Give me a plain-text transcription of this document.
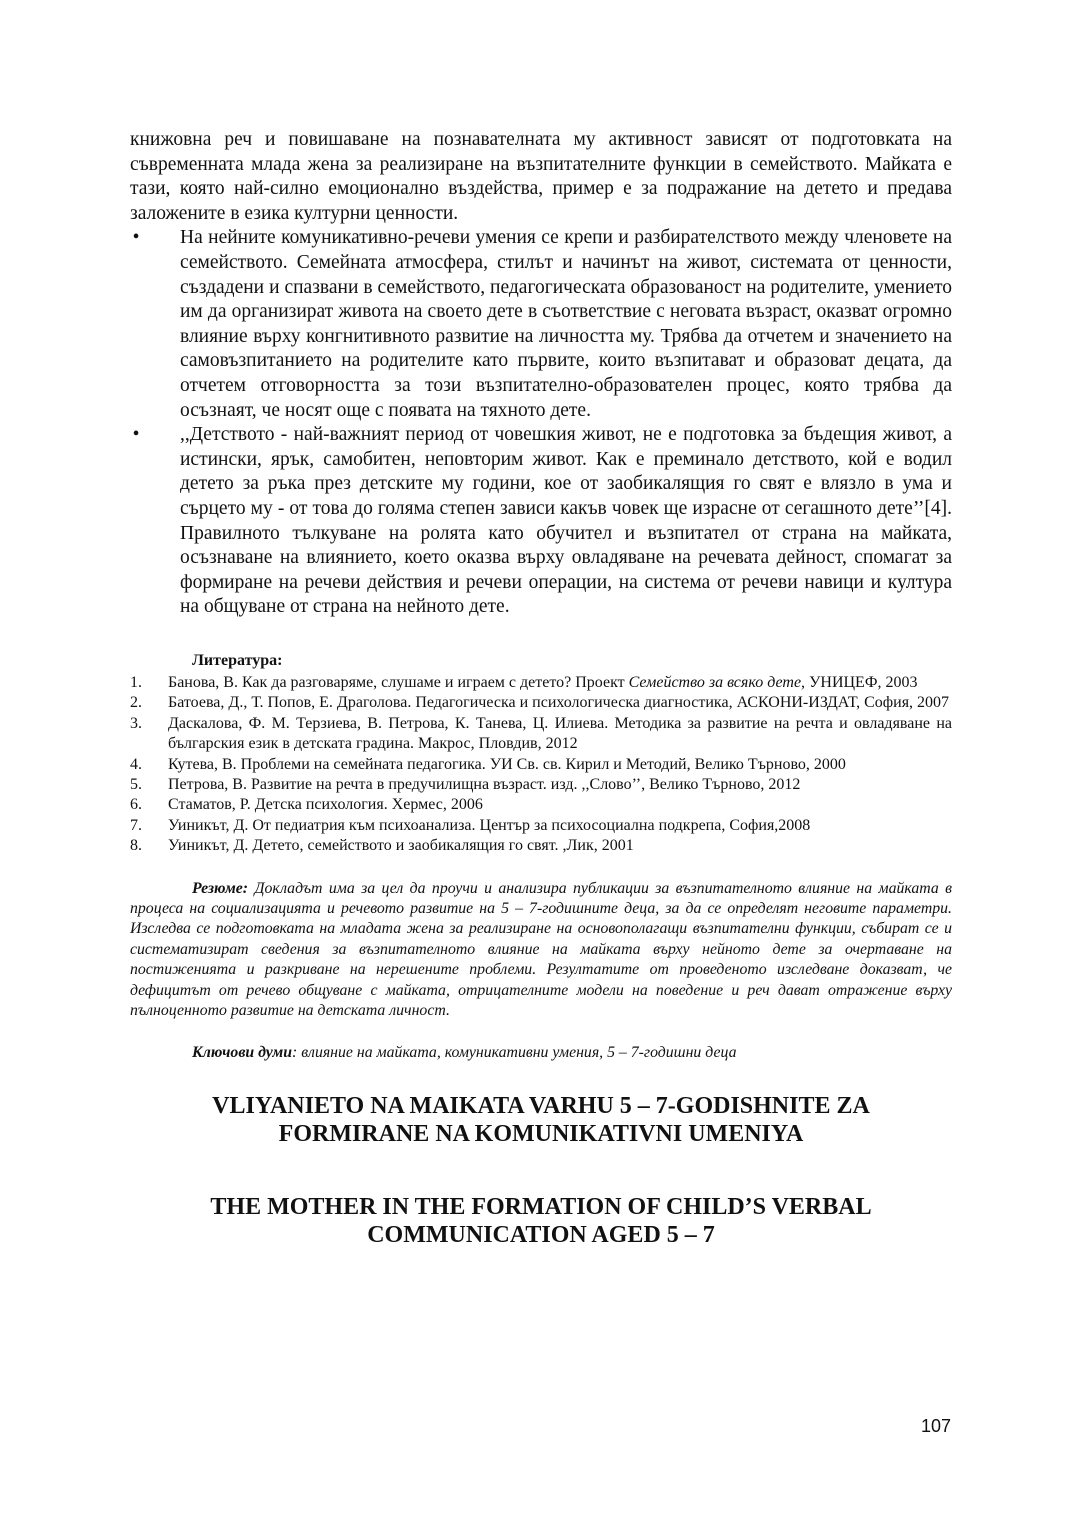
книжовна реч и повишаване на познавателната му активност зависят от подготовката на съвременната млада жена за реализиране на възпитателните функции в семейството. Майката е тази, която най-силно емоционално въздейства, пример е за подражание на детето и предава заложените в езика културни ценности.

• На нейните комуникативно-речеви умения се крепи и разбирателството между членовете на семейството. Семейната атмосфера, стилът и начинът на живот, системата от ценности, създадени и спазвани в семейството, педагогическата образованост на родителите, умението им да организират живота на своето дете в съответствие с неговата възраст, оказват огромно влияние върху конгнитивното развитие на личността му. Трябва да отчетем и значението на самовъзпитанието на родителите като първите, които възпитават и образоват децата, да отчетем отговорността за този възпитателно-образователен процес, която трябва да осъзнаят, че носят още с появата на тяхното дете.
• ,,Детството - най-важният период от човешкия живот, не е подготовка за бъдещия живот, а истински, ярък, самобитен, неповторим живот. Как е преминало детството, кой е водил детето за ръка през детските му години, кое от заобикалящия го свят е влязло в ума и сърцето му - от това до голяма степен зависи какъв човек ще израсне от сегашното дете’’[4]. Правилното тълкуване на ролята като обучител и възпитател от страна на майката, осъзнаване на влиянието, което оказва върху овладяване на речевата дейност, спомагат за формиране на речеви действия и речеви операции, на система от речеви навици и култура на общуване от страна на нейното дете.
Литература:
1. Банова, В. Как да разговаряме, слушаме и играем с детето? Проект Семейство за всяко дете, УНИЦЕФ, 2003
2. Батоева, Д., Т. Попов, Е. Драголова. Педагогическа и психологическа диагностика, АСКОНИ-ИЗДАТ, София, 2007
3. Даскалова, Ф. М. Терзиева, В. Петрова, К. Танева, Ц. Илиева. Методика за развитие на речта и овладяване на българския език в детската градина. Макрос, Пловдив, 2012
4. Кутева, В. Проблеми на семейната педагогика. УИ Св. св. Кирил и Методий, Велико Търново, 2000
5. Петрова, В. Развитие на речта в предучилищна възраст. изд. ,,Слово’’, Велико Търново, 2012
6. Стаматов, Р. Детска психология. Хермес, 2006
7. Уиникът, Д. От педиатрия към психоанализа. Център за психосоциална подкрепа, София,2008
8. Уиникът, Д. Детето, семейството и заобикалящия го свят. ,Лик, 2001
Резюме: Докладът има за цел да проучи и анализира публикации за възпитателното влияние на майката в процеса на социализацията и речевото развитие на 5 – 7-годишните деца, за да се определят неговите параметри. Изследва се подготовката на младата жена за реализиране на основополагащи възпитателни функции, събират се и систематизират сведения за възпитателното влияние на майката върху нейното дете за очертаване на постиженията и разкриване на нерешените проблеми. Резултатите от проведеното изследване доказват, че дефицитът от речево общуване с майката, отрицателните модели на поведение и реч дават отражение върху пълноценното развитие на детската личност.
Ключови думи: влияние на майката, комуникативни умения, 5 – 7-годишни деца
VLIYANIETO NA MAIKATA VARHU 5 – 7-GODISHNITE ZA
FORMIRANE NA KOMUNIKATIVNI UMENIYA
THE MOTHER IN THE FORMATION OF CHILD’S VERBAL
COMMUNICATION AGED 5 – 7
107
